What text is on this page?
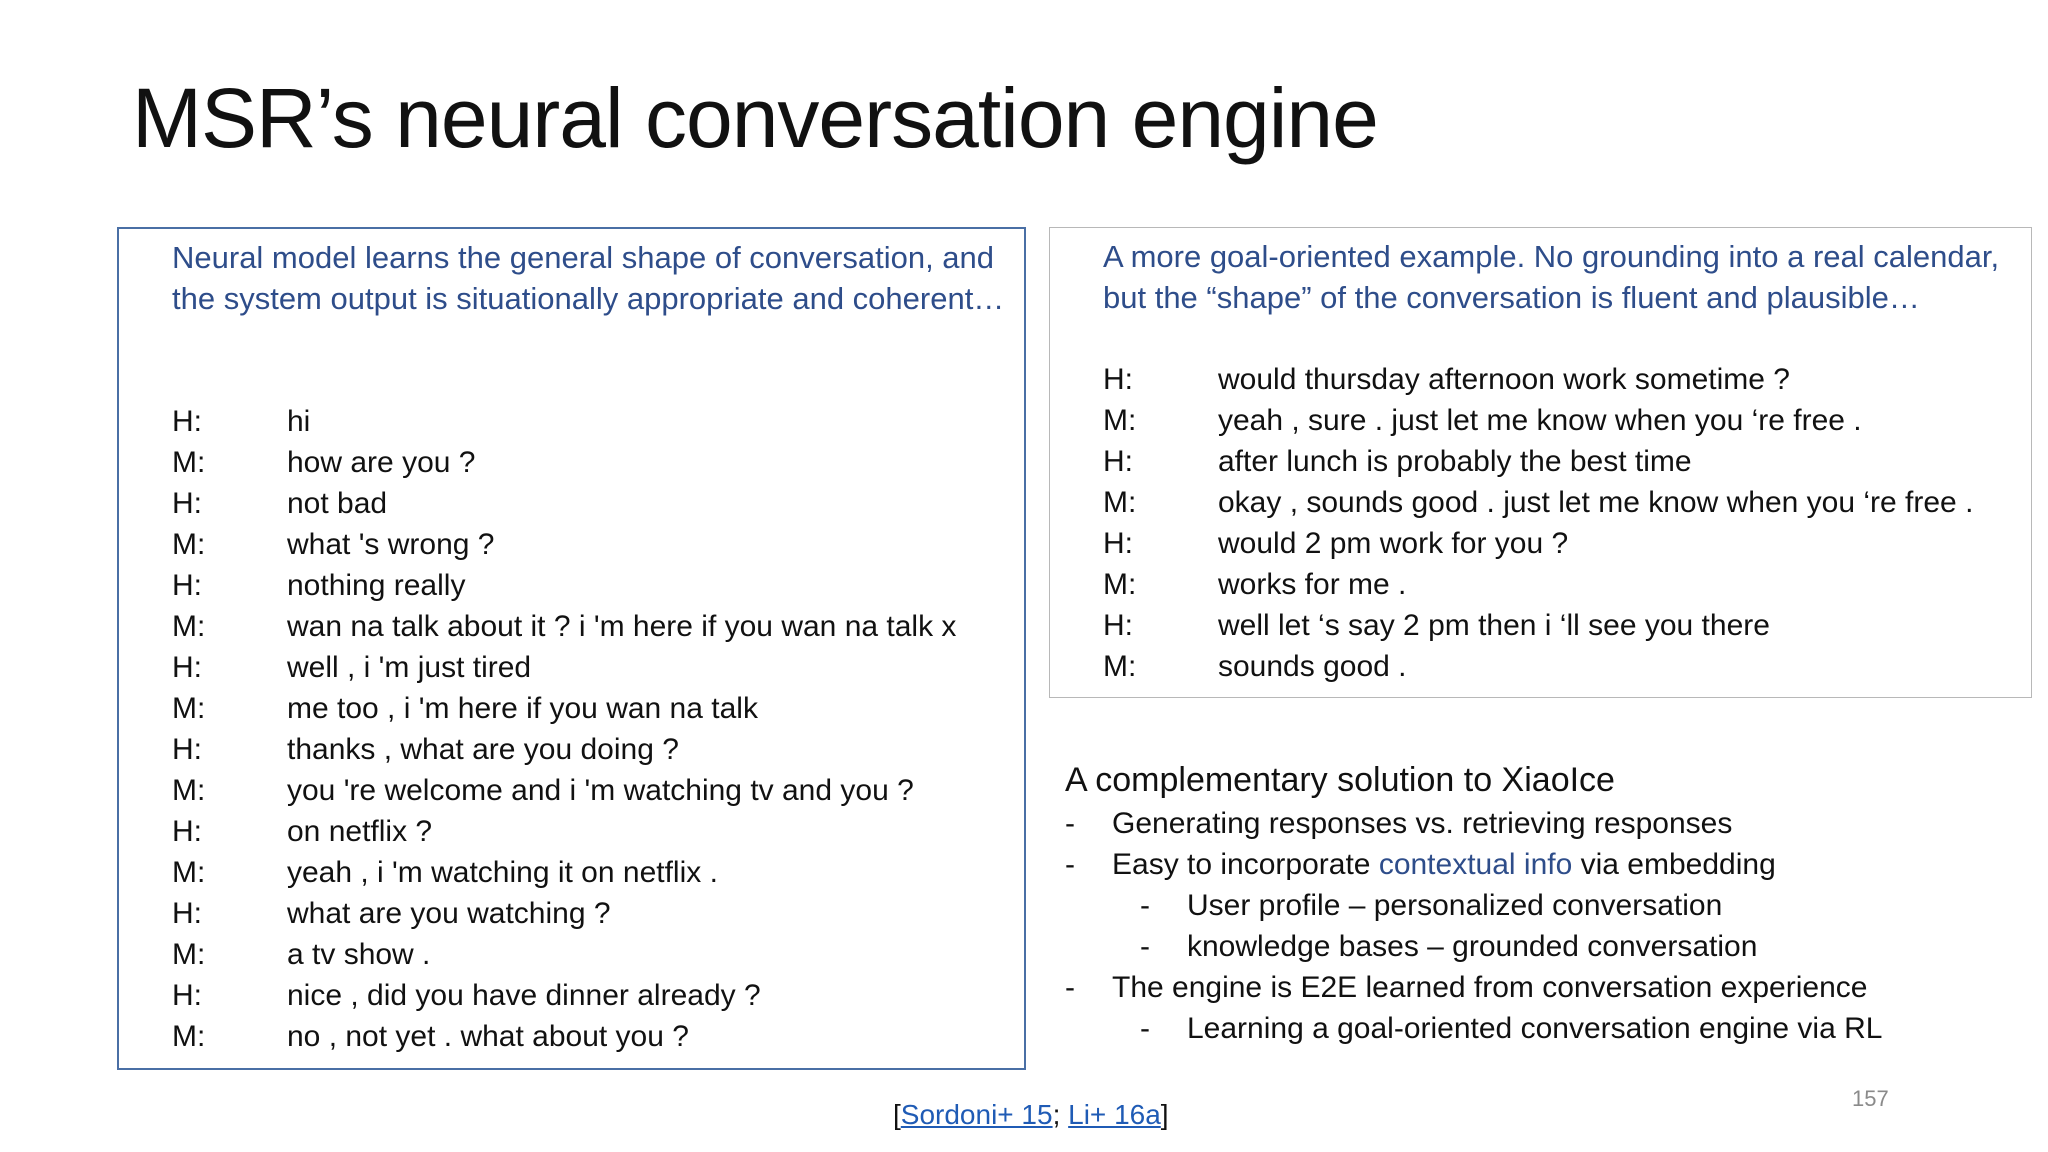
MSR’s neural conversation engine

Neural model learns the general shape of conversation, and the system output is situationally appropriate and coherent…

H:	hi
M:	how are you ?
H:	not bad
M:	what 's wrong ?
H:	nothing really
M:	wan na talk about it ? i 'm here if you wan na talk x
H:	well , i 'm just tired
M:	me too , i 'm here if you wan na talk
H:	thanks , what are you doing ?
M:	you 're welcome and i 'm watching tv and you ?
H:	on netflix ?
M:	yeah , i 'm watching it on netflix .
H:	what are you watching ?
M:	a tv show .
H:	nice , did you have dinner already ?
M:	no , not yet . what about you ?

A more goal-oriented example. No grounding into a real calendar, but the “shape” of the conversation is fluent and plausible…

H:	would thursday afternoon work sometime ?
M:	yeah , sure . just let me know when you ‘re free .
H:	after lunch is probably the best time
M:	okay , sounds good . just let me know when you ‘re free .
H:	would 2 pm work for you ?
M:	works for me .
H:	well let ‘s say 2 pm then i ‘ll see you there
M:	sounds good .

A complementary solution to XiaoIce

-	Generating responses vs. retrieving responses
-	Easy to incorporate contextual info via embedding
-	User profile – personalized conversation
-	knowledge bases – grounded conversation
-	The engine is E2E learned from conversation experience
-	Learning a goal-oriented conversation engine via RL
157
[Sordoni+ 15; Li+ 16a]
